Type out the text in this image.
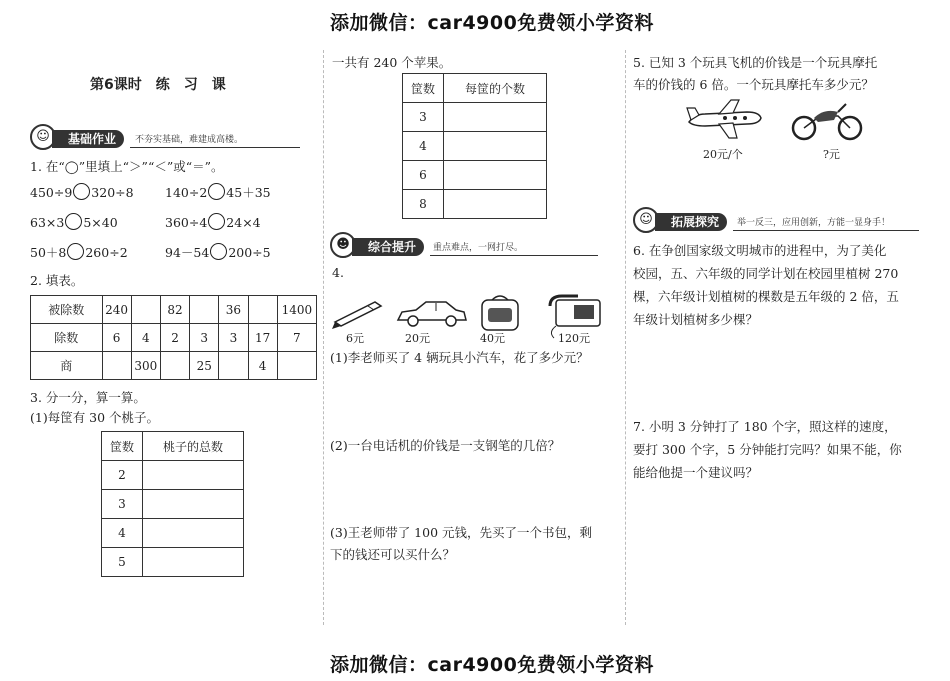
添加微信：car4900免费领小学资料
添加微信：car4900免费领小学资料
第6课时　练　习　课
☺	基础作业	不夯实基础，难建成高楼。
1. 在“◯”里填上“＞”“＜”或“＝”。
450÷9 320÷8	140÷2 45＋35
63×3 5×40	360÷4 24×4
50＋8 260÷2	94－54 200÷5
2. 填表。
被除数	240		82		36		1400
除数	6	4	2	3	3	17	7
商		300		25		4	
3. 分一分，算一算。
(1)每筐有 30 个桃子。
筐数	桃子的总数
2	
3	
4	
5	
一共有 240 个苹果。
筐数	每筐的个数
3	
4	
6	
8	
☻	综合提升	重点难点，一网打尽。
4.
6元	20元	40元	120元
(1)李老师买了 4 辆玩具小汽车，花了多少元？
(2)一台电话机的价钱是一支钢笔的几倍？
(3)王老师带了 100 元钱，先买了一个书包，剩
下的钱还可以买什么？
5. 已知 3 个玩具飞机的价钱是一个玩具摩托
车的价钱的 6 倍。一个玩具摩托车多少元？
20元/个	?元
☺	拓展探究	举一反三，应用创新，方能一显身手！
6. 在争创国家级文明城市的进程中，为了美化
校园，五、六年级的同学计划在校园里植树 270
棵，六年级计划植树的棵数是五年级的 2 倍，五
年级计划植树多少棵？
7. 小明 3 分钟打了 180 个字，照这样的速度，
要打 300 个字，5 分钟能打完吗？如果不能，你
能给他提一个建议吗？
